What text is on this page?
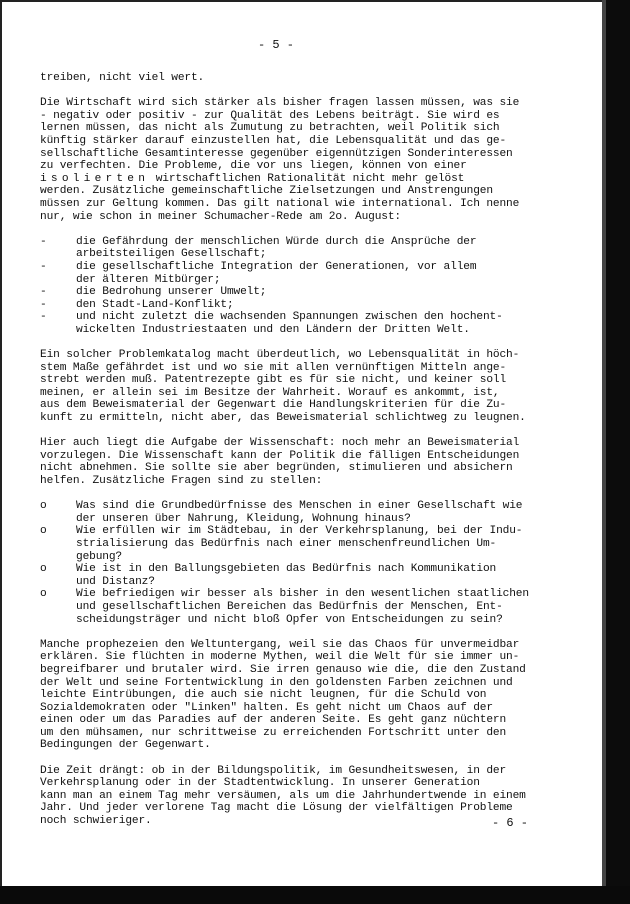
- 5 -

treiben, nicht viel wert.

Die Wirtschaft wird sich stärker als bisher fragen lassen müssen, was sie
- negativ oder positiv - zur Qualität des Lebens beiträgt. Sie wird es
lernen müssen, das nicht als Zumutung zu betrachten, weil Politik sich
künftig stärker darauf einzustellen hat, die Lebensqualität und das ge-
sellschaftliche Gesamtinteresse gegenüber eigennützigen Sonderinteressen
zu verfechten. Die Probleme, die vor uns liegen, können von einer
isolierten wirtschaftlichen Rationalität nicht mehr gelöst
werden. Zusätzliche gemeinschaftliche Zielsetzungen und Anstrengungen
müssen zur Geltung kommen. Das gilt national wie international. Ich nenne
nur, wie schon in meiner Schumacher-Rede am 2o. August:

-	die Gefährdung der menschlichen Würde durch die Ansprüche der
arbeitsteiligen Gesellschaft;
-	die gesellschaftliche Integration der Generationen, vor allem
der älteren Mitbürger;
-	die Bedrohung unserer Umwelt;
-	den Stadt-Land-Konflikt;
-	und nicht zuletzt die wachsenden Spannungen zwischen den hochent-
wickelten Industriestaaten und den Ländern der Dritten Welt.

Ein solcher Problemkatalog macht überdeutlich, wo Lebensqualität in höch-
stem Maße gefährdet ist und wo sie mit allen vernünftigen Mitteln ange-
strebt werden muß. Patentrezepte gibt es für sie nicht, und keiner soll
meinen, er allein sei im Besitze der Wahrheit. Worauf es ankommt, ist,
aus dem Beweismaterial der Gegenwart die Handlungskriterien für die Zu-
kunft zu ermitteln, nicht aber, das Beweismaterial schlichtweg zu leugnen.

Hier auch liegt die Aufgabe der Wissenschaft: noch mehr an Beweismaterial
vorzulegen. Die Wissenschaft kann der Politik die fälligen Entscheidungen
nicht abnehmen. Sie sollte sie aber begründen, stimulieren und absichern
helfen. Zusätzliche Fragen sind zu stellen:

o	Was sind die Grundbedürfnisse des Menschen in einer Gesellschaft wie
der unseren über Nahrung, Kleidung, Wohnung hinaus?
o	Wie erfüllen wir im Städtebau, in der Verkehrsplanung, bei der Indu-
strialisierung das Bedürfnis nach einer menschenfreundlichen Um-
gebung?
o	Wie ist in den Ballungsgebieten das Bedürfnis nach Kommunikation
und Distanz?
o	Wie befriedigen wir besser als bisher in den wesentlichen staatlichen
und gesellschaftlichen Bereichen das Bedürfnis der Menschen, Ent-
scheidungsträger und nicht bloß Opfer von Entscheidungen zu sein?

Manche prophezeien den Weltuntergang, weil sie das Chaos für unvermeidbar
erklären. Sie flüchten in moderne Mythen, weil die Welt für sie immer un-
begreifbarer und brutaler wird. Sie irren genauso wie die, die den Zustand
der Welt und seine Fortentwicklung in den goldensten Farben zeichnen und
leichte Eintrübungen, die auch sie nicht leugnen, für die Schuld von
Sozialdemokraten oder "Linken" halten. Es geht nicht um Chaos auf der
einen oder um das Paradies auf der anderen Seite. Es geht ganz nüchtern
um den mühsamen, nur schrittweise zu erreichenden Fortschritt unter den
Bedingungen der Gegenwart.

Die Zeit drängt: ob in der Bildungspolitik, im Gesundheitswesen, in der
Verkehrsplanung oder in der Stadtentwicklung. In unserer Generation
kann man an einem Tag mehr versäumen, als um die Jahrhundertwende in einem
Jahr. Und jeder verlorene Tag macht die Lösung der vielfältigen Probleme
noch schwieriger.	- 6 -
